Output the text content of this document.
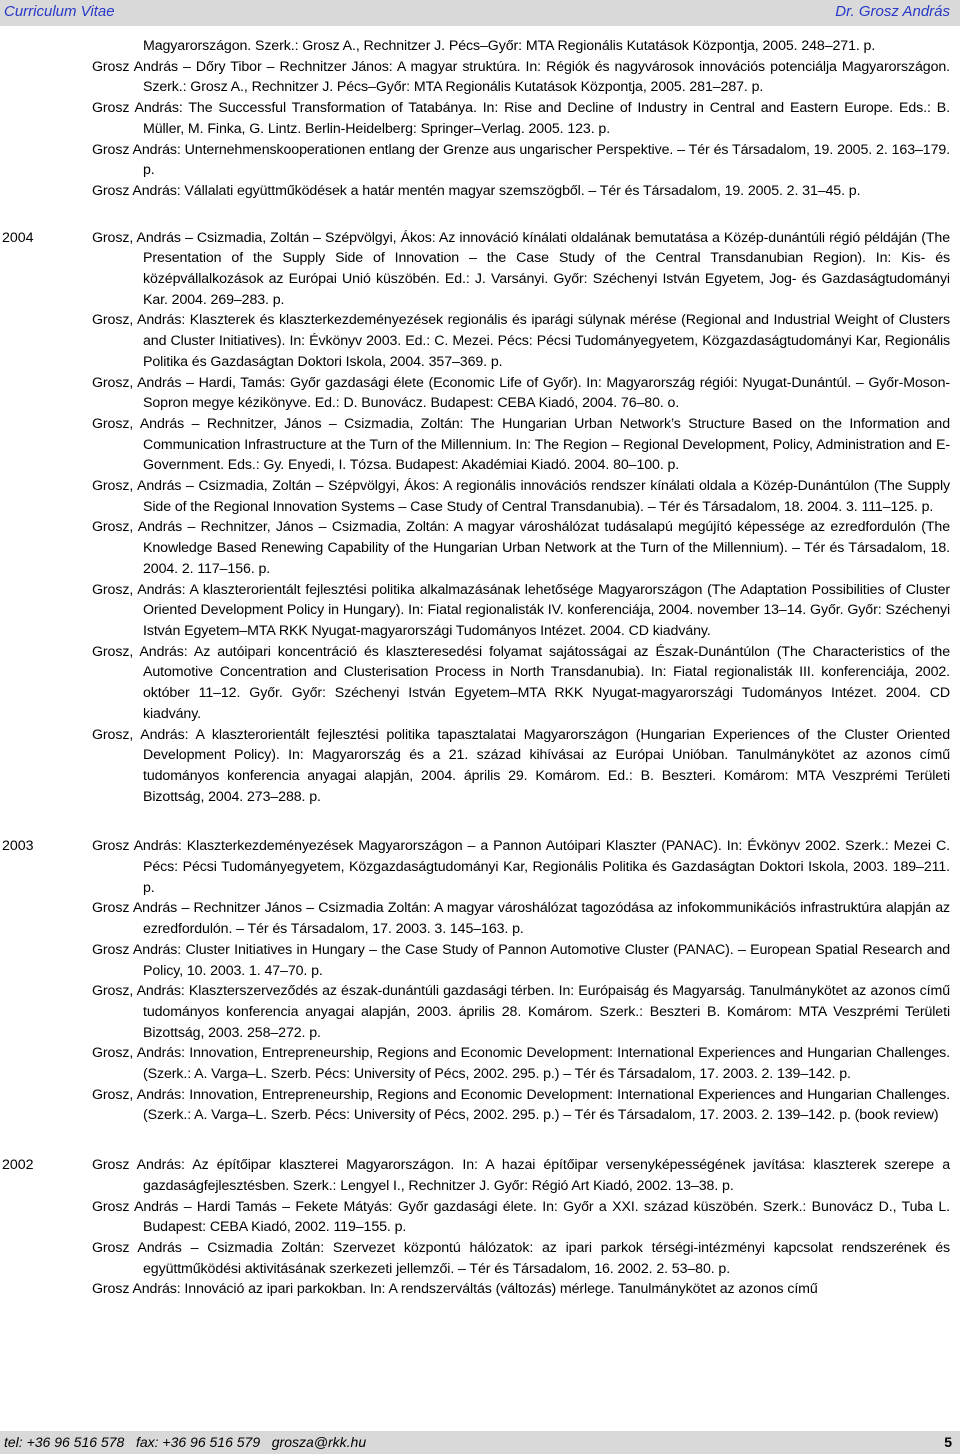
Curriculum Vitae	Dr. Grosz András

Magyarországon. Szerk.: Grosz A., Rechnitzer J. Pécs–Győr: MTA Regionális Kutatások Központja, 2005. 248–271. p.

Grosz András – Dőry Tibor – Rechnitzer János: A magyar struktúra. In: Régiók és nagyvárosok innovációs potenciálja Magyarországon. Szerk.: Grosz A., Rechnitzer J. Pécs–Győr: MTA Regionális Kutatások Központja, 2005. 281–287. p.

Grosz András: The Successful Transformation of Tatabánya. In: Rise and Decline of Industry in Central and Eastern Europe. Eds.: B. Müller, M. Finka, G. Lintz. Berlin-Heidelberg: Springer–Verlag. 2005. 123. p.

Grosz András: Unternehmenskooperationen entlang der Grenze aus ungarischer Perspektive. – Tér és Társadalom, 19. 2005. 2. 163–179. p.

Grosz András: Vállalati együttműködések a határ mentén magyar szemszögből. – Tér és Társadalom, 19. 2005. 2. 31–45. p.

2004	Grosz, András – Csizmadia, Zoltán – Szépvölgyi, Ákos: Az innováció kínálati oldalának bemutatása a Közép-dunántúli régió példáján (The Presentation of the Supply Side of Innovation – the Case Study of the Central Transdanubian Region). In: Kis- és középvállalkozások az Európai Unió küszöbén. Ed.: J. Varsányi. Győr: Széchenyi István Egyetem, Jog- és Gazdaságtudományi Kar. 2004. 269–283. p.

Grosz, András: Klaszterek és klaszterkezdeményezések regionális és iparági súlynak mérése (Regional and Industrial Weight of Clusters and Cluster Initiatives). In: Évkönyv 2003. Ed.: C. Mezei. Pécs: Pécsi Tudományegyetem, Közgazdaságtudományi Kar, Regionális Politika és Gazdaságtan Doktori Iskola, 2004. 357–369. p.

Grosz, András – Hardi, Tamás: Győr gazdasági élete (Economic Life of Győr). In: Magyarország régiói: Nyugat-Dunántúl. – Győr-Moson-Sopron megye kézikönyve. Ed.: D. Bunovácz. Budapest: CEBA Kiadó, 2004. 76–80. o.

Grosz, András – Rechnitzer, János – Csizmadia, Zoltán: The Hungarian Urban Network’s Structure Based on the Information and Communication Infrastructure at the Turn of the Millennium. In: The Region – Regional Development, Policy, Administration and E-Government. Eds.: Gy. Enyedi, I. Tózsa. Budapest: Akadémiai Kiadó. 2004. 80–100. p.

Grosz, András – Csizmadia, Zoltán – Szépvölgyi, Ákos: A regionális innovációs rendszer kínálati oldala a Közép-Dunántúlon (The Supply Side of the Regional Innovation Systems – Case Study of Central Transdanubia). – Tér és Társadalom, 18. 2004. 3. 111–125. p.

Grosz, András – Rechnitzer, János – Csizmadia, Zoltán: A magyar városhálózat tudásalapú megújító képessége az ezredfordulón (The Knowledge Based Renewing Capability of the Hungarian Urban Network at the Turn of the Millennium). – Tér és Társadalom, 18. 2004. 2. 117–156. p.

Grosz, András: A klaszterorientált fejlesztési politika alkalmazásának lehetősége Magyarországon (The Adaptation Possibilities of Cluster Oriented Development Policy in Hungary). In: Fiatal regionalisták IV. konferenciája, 2004. november 13–14. Győr. Győr: Széchenyi István Egyetem–MTA RKK Nyugat-magyarországi Tudományos Intézet. 2004. CD kiadvány.

Grosz, András: Az autóipari koncentráció és klaszteresedési folyamat sajátosságai az Észak-Dunántúlon (The Characteristics of the Automotive Concentration and Clusterisation Process in North Transdanubia). In: Fiatal regionalisták III. konferenciája, 2002. október 11–12. Győr. Győr: Széchenyi István Egyetem–MTA RKK Nyugat-magyarországi Tudományos Intézet. 2004. CD kiadvány.

Grosz, András: A klaszterorientált fejlesztési politika tapasztalatai Magyarországon (Hungarian Experiences of the Cluster Oriented Development Policy). In: Magyarország és a 21. század kihívásai az Európai Unióban. Tanulmánykötet az azonos című tudományos konferencia anyagai alapján, 2004. április 29. Komárom. Ed.: B. Beszteri. Komárom: MTA Veszprémi Területi Bizottság, 2004. 273–288. p.

2003	Grosz András: Klaszterkezdeményezések Magyarországon – a Pannon Autóipari Klaszter (PANAC). In: Évkönyv 2002. Szerk.: Mezei C. Pécs: Pécsi Tudományegyetem, Közgazdaságtudományi Kar, Regionális Politika és Gazdaságtan Doktori Iskola, 2003. 189–211. p.

Grosz András – Rechnitzer János – Csizmadia Zoltán: A magyar városhálózat tagozódása az infokommunikációs infrastruktúra alapján az ezredfordulón. – Tér és Társadalom, 17. 2003. 3. 145–163. p.

Grosz András: Cluster Initiatives in Hungary – the Case Study of Pannon Automotive Cluster (PANAC). – European Spatial Research and Policy, 10. 2003. 1. 47–70. p.

Grosz, András: Klaszterszerveződés az észak-dunántúli gazdasági térben. In: Európaiság és Magyarság. Tanulmánykötet az azonos című tudományos konferencia anyagai alapján, 2003. április 28. Komárom. Szerk.: Beszteri B. Komárom: MTA Veszprémi Területi Bizottság, 2003. 258–272. p.

Grosz, András: Innovation, Entrepreneurship, Regions and Economic Development: International Experiences and Hungarian Challenges. (Szerk.: A. Varga–L. Szerb. Pécs: University of Pécs, 2002. 295. p.) – Tér és Társadalom, 17. 2003. 2. 139–142. p.

Grosz, András: Innovation, Entrepreneurship, Regions and Economic Development: International Experiences and Hungarian Challenges. (Szerk.: A. Varga–L. Szerb. Pécs: University of Pécs, 2002. 295. p.) – Tér és Társadalom, 17. 2003. 2. 139–142. p. (book review)

2002	Grosz András: Az építőipar klaszterei Magyarországon. In: A hazai építőipar versenyképességének javítása: klaszterek szerepe a gazdaságfejlesztésben. Szerk.: Lengyel I., Rechnitzer J. Győr: Régió Art Kiadó, 2002. 13–38. p.

Grosz András – Hardi Tamás – Fekete Mátyás: Győr gazdasági élete. In: Győr a XXI. század küszöbén. Szerk.: Bunovácz D., Tuba L. Budapest: CEBA Kiadó, 2002. 119–155. p.

Grosz András – Csizmadia Zoltán: Szervezet központú hálózatok: az ipari parkok térségi-intézményi kapcsolat rendszerének és együttműködési aktivitásának szerkezeti jellemzői. – Tér és Társadalom, 16. 2002. 2. 53–80. p.

Grosz András: Innováció az ipari parkokban. In: A rendszerváltás (változás) mérlege. Tanulmánykötet az azonos című

tel: +36 96 516 578   fax: +36 96 516 579   grosza@rkk.hu	5
